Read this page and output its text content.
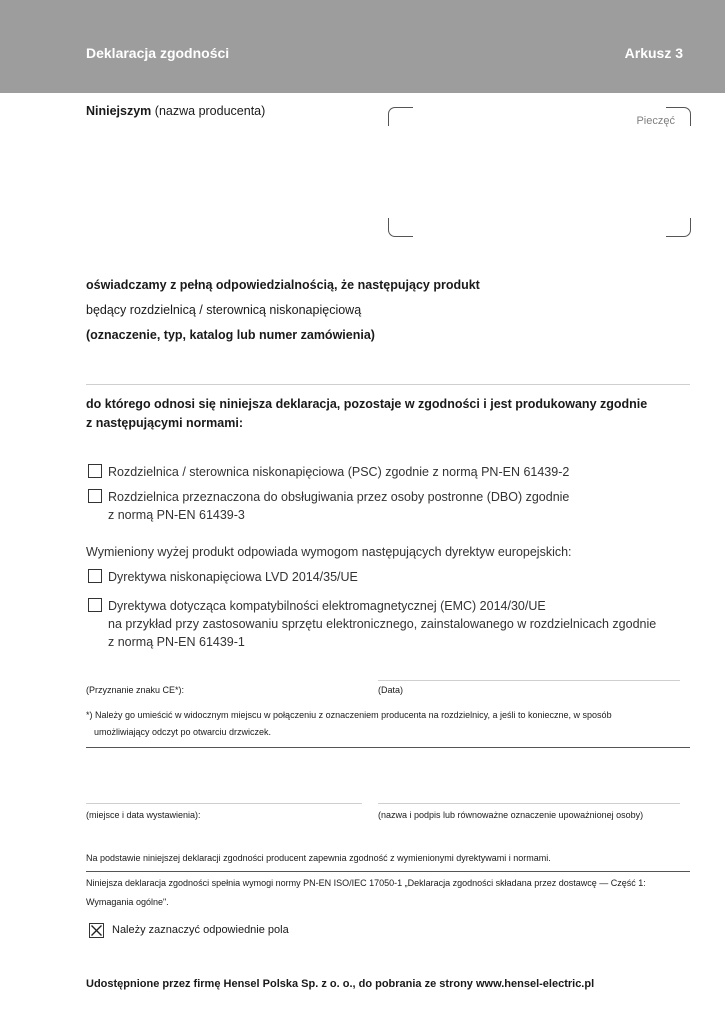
Deklaracja zgodności	Arkusz 3
Niniejszym (nazwa producenta)
Pieczęć
oświadczamy z pełną odpowiedzialnością, że następujący produkt
będący rozdzielnicą / sterownicą niskonapięciową
(oznaczenie, typ, katalog lub numer zamówienia)
do którego odnosi się niniejsza deklaracja, pozostaje w zgodności i jest produkowany zgodnie
z następującymi normami:
Rozdzielnica / sterownica niskonapięciowa (PSC) zgodnie z normą PN-EN 61439-2
Rozdzielnica przeznaczona do obsługiwania przez osoby postronne (DBO) zgodnie
z normą PN-EN 61439-3
Wymieniony wyżej produkt odpowiada wymogom następujących dyrektyw europejskich:
Dyrektywa niskonapięciowa LVD 2014/35/UE
Dyrektywa dotycząca kompatybilności elektromagnetycznej (EMC) 2014/30/UE
na przykład przy zastosowaniu sprzętu elektronicznego, zainstalowanego w rozdzielnicach zgodnie
z normą PN-EN 61439-1
(Przyznanie znaku CE*):	(Data)
*) Należy go umieścić w widocznym miejscu w połączeniu z oznaczeniem producenta na rozdzielnicy, a jeśli to konieczne, w sposób
umożliwiający odczyt po otwarciu drzwiczek.
(miejsce i data wystawienia):	(nazwa i podpis lub równoważne oznaczenie upoważnionej osoby)
Na podstawie niniejszej deklaracji zgodności producent zapewnia zgodność z wymienionymi dyrektywami i normami.
Niniejsza deklaracja zgodności spełnia wymogi normy PN-EN ISO/IEC 17050-1 „Deklaracja zgodności składana przez dostawcę — Część 1:
Wymagania ogólne".
Należy zaznaczyć odpowiednie pola
Udostępnione przez firmę Hensel Polska Sp. z o. o., do pobrania ze strony www.hensel-electric.pl
